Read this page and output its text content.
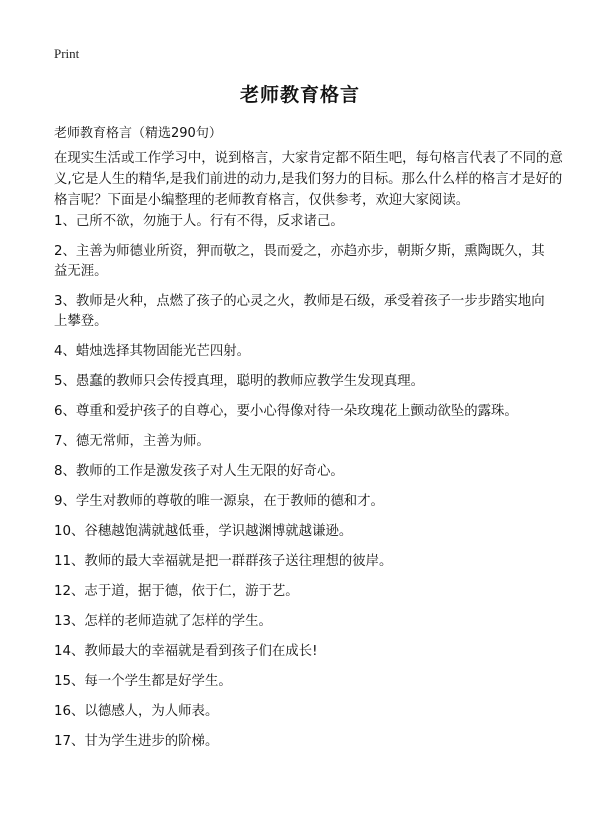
Print
老师教育格言

老师教育格言（精选290句）

在现实生活或工作学习中，说到格言，大家肯定都不陌生吧，每句格言代表了不同的意义,它是人生的精华,是我们前进的动力,是我们努力的目标。那么什么样的格言才是好的格言呢？下面是小编整理的老师教育格言，仅供参考，欢迎大家阅读。

1、己所不欲，勿施于人。行有不得，反求诸己。
2、主善为师德业所资，狎而敬之，畏而爱之，亦趋亦步，朝斯夕斯，熏陶既久，其益无涯。
3、教师是火种，点燃了孩子的心灵之火，教师是石级，承受着孩子一步步踏实地向上攀登。
4、蜡烛选择其物固能光芒四射。
5、愚蠢的教师只会传授真理，聪明的教师应教学生发现真理。
6、尊重和爱护孩子的自尊心，要小心得像对待一朵玫瑰花上颤动欲坠的露珠。
7、德无常师，主善为师。
8、教师的工作是激发孩子对人生无限的好奇心。
9、学生对教师的尊敬的唯一源泉，在于教师的德和才。
10、谷穗越饱满就越低垂，学识越渊博就越谦逊。
11、教师的最大幸福就是把一群群孩子送往理想的彼岸。
12、志于道，据于德，依于仁，游于艺。
13、怎样的老师造就了怎样的学生。
14、教师最大的幸福就是看到孩子们在成长!
15、每一个学生都是好学生。
16、以德感人，为人师表。
17、甘为学生进步的阶梯。
